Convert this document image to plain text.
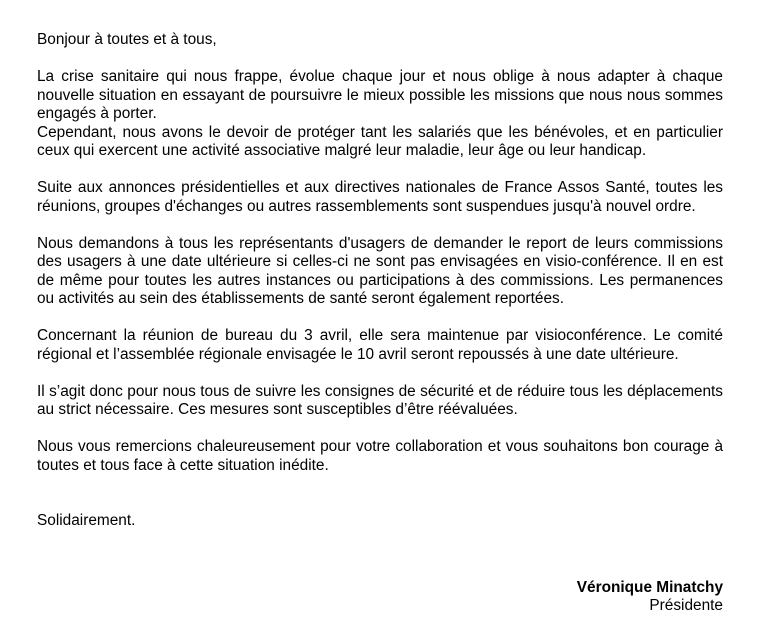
Bonjour à toutes et à tous,

La crise sanitaire qui nous frappe, évolue chaque jour et nous oblige à nous adapter à chaque nouvelle situation en essayant de poursuivre le mieux possible les missions que nous nous sommes engagés à porter.

Cependant, nous avons le devoir de protéger tant les salariés que les bénévoles, et en particulier ceux qui exercent une activité associative malgré leur maladie, leur âge ou leur handicap.

Suite aux annonces présidentielles et aux directives nationales de France Assos Santé, toutes les réunions, groupes d'échanges ou autres rassemblements sont suspendues jusqu'à nouvel ordre.

Nous demandons à tous les représentants d'usagers de demander le report de leurs commissions des usagers à une date ultérieure si celles-ci ne sont pas envisagées en visio-conférence. Il en est de même pour toutes les autres instances ou participations à des commissions. Les permanences ou activités au sein des établissements de santé seront également reportées.

Concernant la réunion de bureau du 3 avril, elle sera maintenue par visioconférence. Le comité régional et l’assemblée régionale envisagée le 10 avril seront repoussés à une date ultérieure.

Il s’agit donc pour nous tous de suivre les consignes de sécurité et de réduire tous les déplacements au strict nécessaire. Ces mesures sont susceptibles d’être réévaluées.

Nous vous remercions chaleureusement pour votre collaboration et vous souhaitons bon courage à toutes et tous face à cette situation inédite.

Solidairement.

Véronique Minatchy
Présidente
